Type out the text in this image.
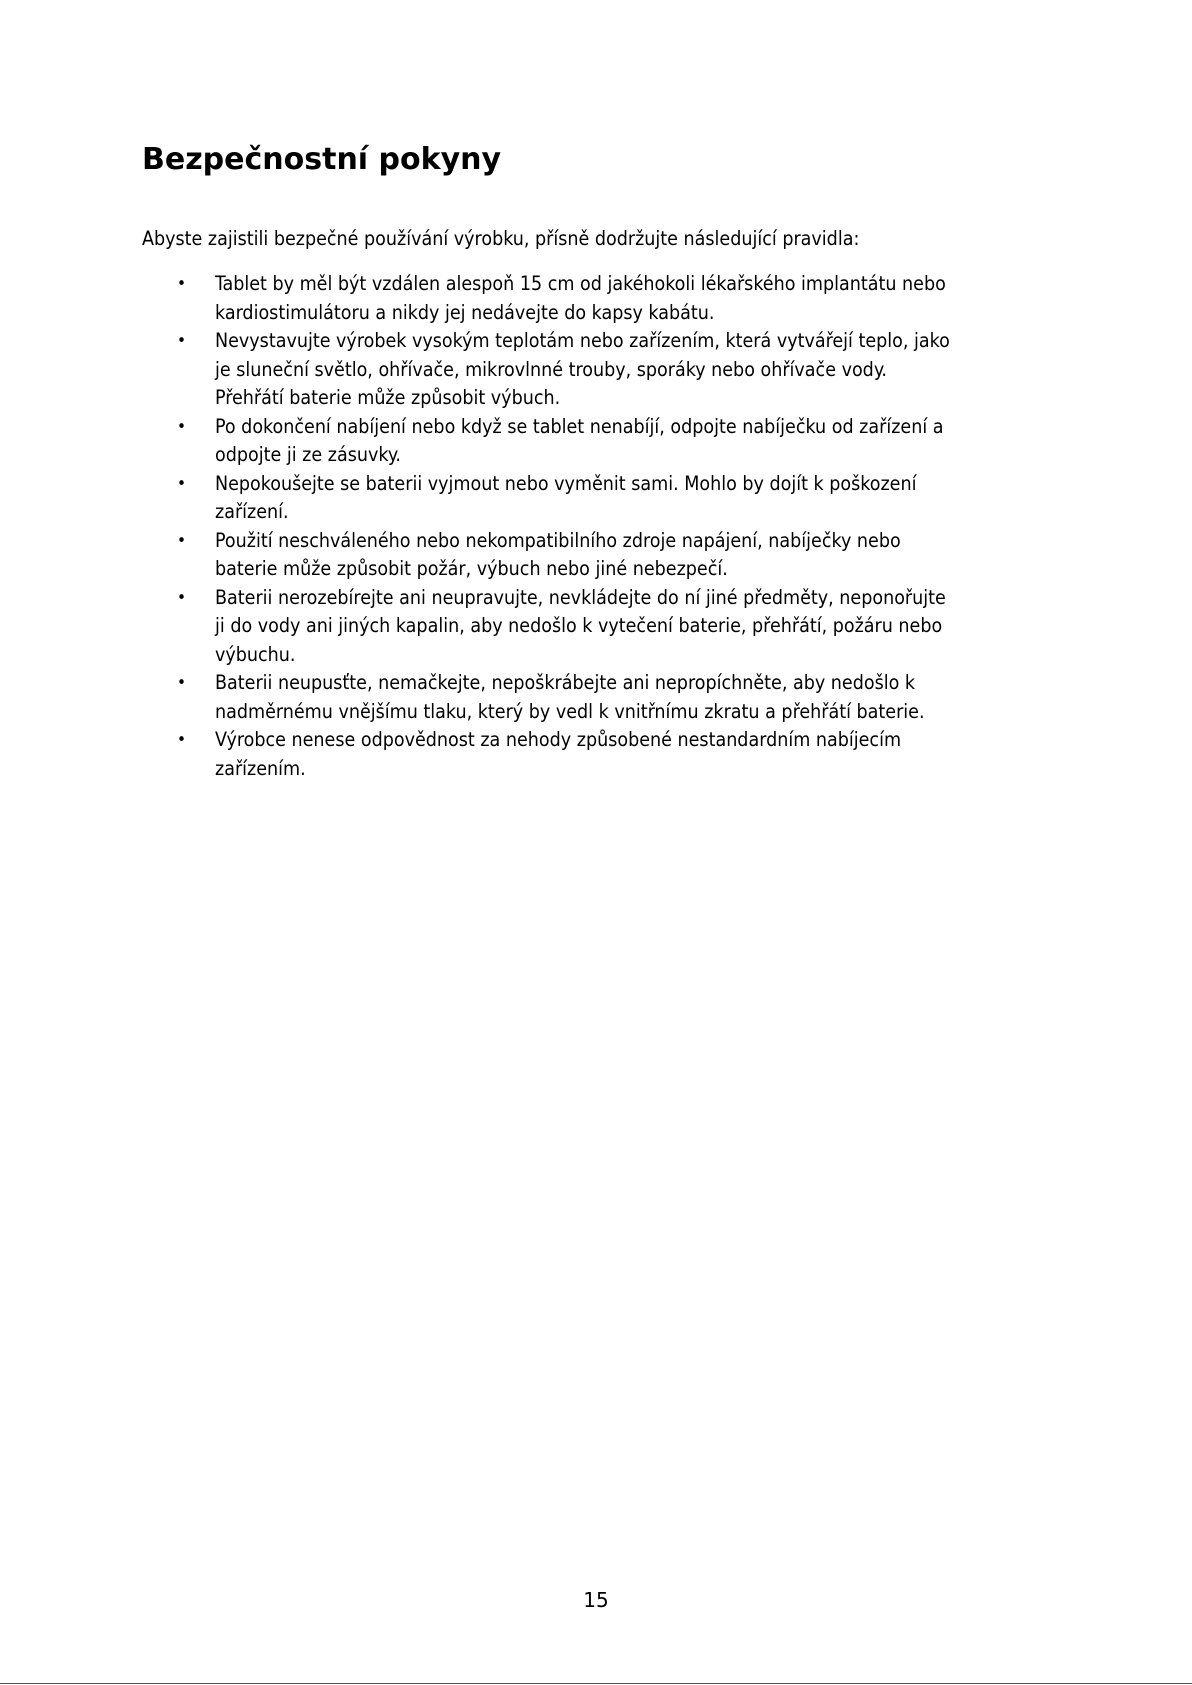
Bezpečnostní pokyny

Abyste zajistili bezpečné používání výrobku, přísně dodržujte následující pravidla:

• Tablet by měl být vzdálen alespoň 15 cm od jakéhokoli lékařského implantátu nebo
kardiostimulátoru a nikdy jej nedávejte do kapsy kabátu.
• Nevystavujte výrobek vysokým teplotám nebo zařízením, která vytvářejí teplo, jako
je sluneční světlo, ohřívače, mikrovlnné trouby, sporáky nebo ohřívače vody.
Přehřátí baterie může způsobit výbuch.
• Po dokončení nabíjení nebo když se tablet nenabíjí, odpojte nabíječku od zařízení a
odpojte ji ze zásuvky.
• Nepokoušejte se baterii vyjmout nebo vyměnit sami. Mohlo by dojít k poškození
zařízení.
• Použití neschváleného nebo nekompatibilního zdroje napájení, nabíječky nebo
baterie může způsobit požár, výbuch nebo jiné nebezpečí.
• Baterii nerozebírejte ani neupravujte, nevkládejte do ní jiné předměty, neponořujte
ji do vody ani jiných kapalin, aby nedošlo k vytečení baterie, přehřátí, požáru nebo
výbuchu.
• Baterii neupusťte, nemačkejte, nepoškrábejte ani nepropíchněte, aby nedošlo k
nadměrnému vnějšímu tlaku, který by vedl k vnitřnímu zkratu a přehřátí baterie.
• Výrobce nenese odpovědnost za nehody způsobené nestandardním nabíjecím
zařízením.
15
